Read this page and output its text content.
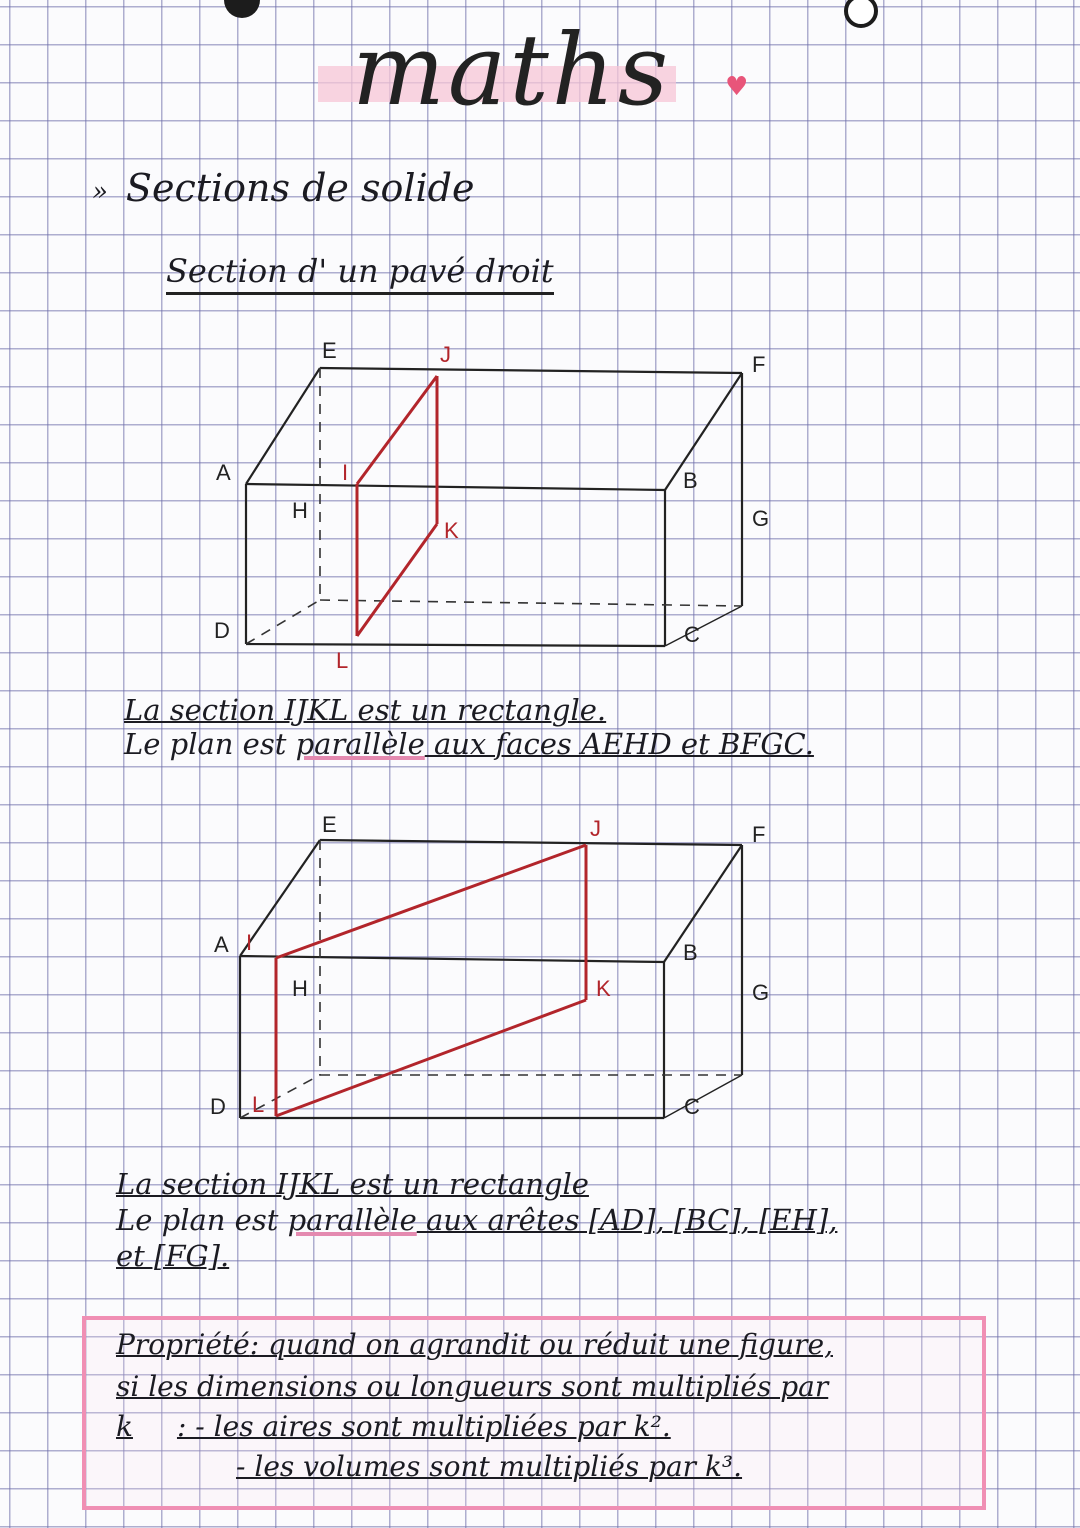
maths ♥
» Sections de solide
Section d' un pavé droit
E	J	F
A	I	B
H
K	G
D	C
L
La section IJKL est un rectangle.
Le plan est parallèle aux faces AEHD et BFGC.
E	J	F
A I	B
H	K	G
D L	C
La section IJKL est un rectangle
Le plan est parallèle aux arêtes [AD], [BC], [EH],
et [FG].
Propriété: quand on agrandit ou réduit une figure,
si les dimensions ou longueurs sont multipliés par
k : - les aires sont multipliées par k².
- les volumes sont multipliés par k³.
